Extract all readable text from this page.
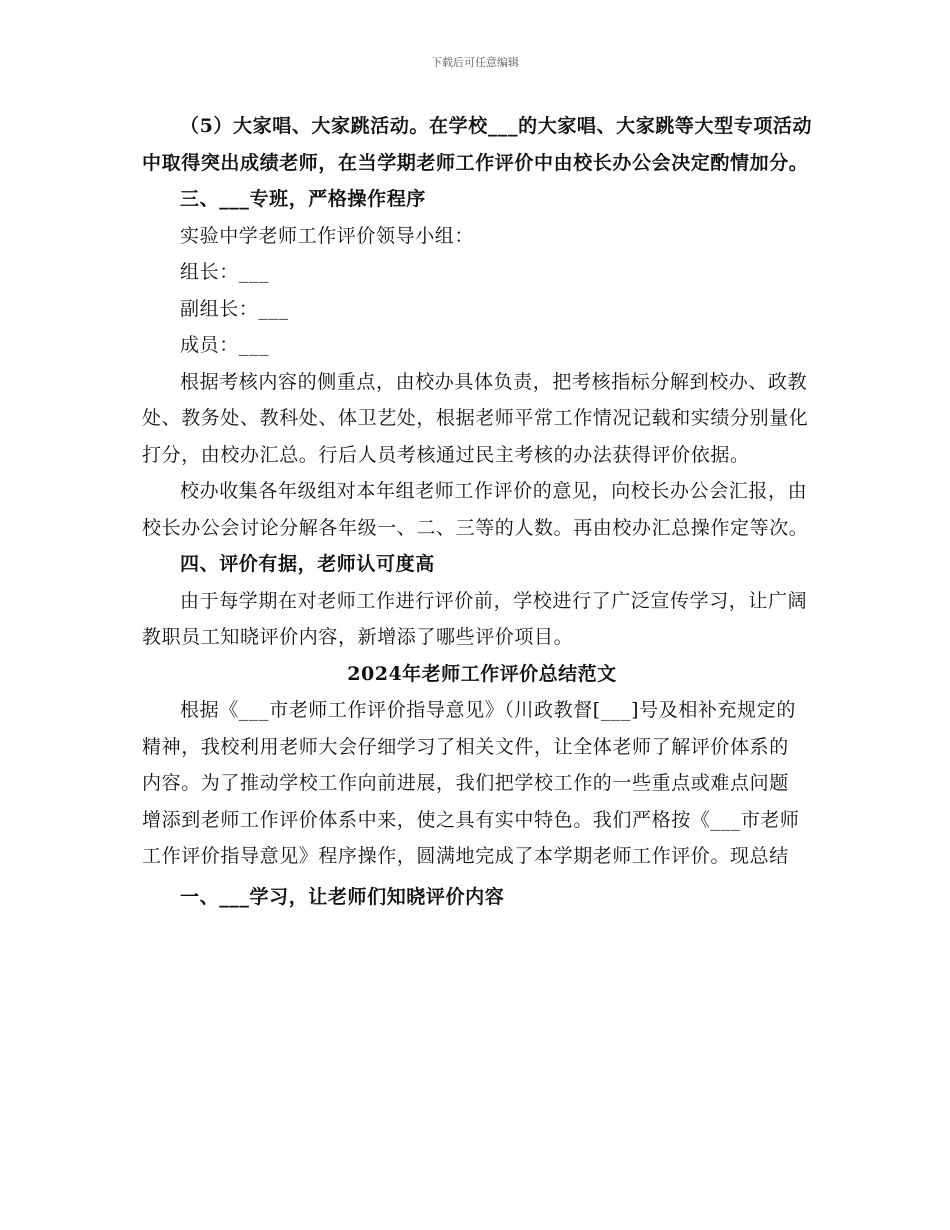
下载后可任意编辑

（5）大家唱、大家跳活动。在学校___的大家唱、大家跳等大型专项活动中取得突出成绩老师，在当学期老师工作评价中由校长办公会决定酌情加分。

三、___专班，严格操作程序

实验中学老师工作评价领导小组：

组长：___

副组长：___

成员：___

根据考核内容的侧重点，由校办具体负责，把考核指标分解到校办、政教处、教务处、教科处、体卫艺处，根据老师平常工作情况记载和实绩分别量化打分，由校办汇总。行后人员考核通过民主考核的办法获得评价依据。

校办收集各年级组对本年组老师工作评价的意见，向校长办公会汇报，由校长办公会讨论分解各年级一、二、三等的人数。再由校办汇总操作定等次。

四、评价有据，老师认可度高

由于每学期在对老师工作进行评价前，学校进行了广泛宣传学习，让广阔教职员工知晓评价内容，新增添了哪些评价项目。

2024年老师工作评价总结范文

根据《___市老师工作评价指导意见》（川政教督[___]号及相补充规定的精神，我校利用老师大会仔细学习了相关文件，让全体老师了解评价体系的内容。为了推动学校工作向前进展，我们把学校工作的一些重点或难点问题增添到老师工作评价体系中来，使之具有实中特色。我们严格按《___市老师工作评价指导意见》程序操作，圆满地完成了本学期老师工作评价。现总结

一、___学习，让老师们知晓评价内容
